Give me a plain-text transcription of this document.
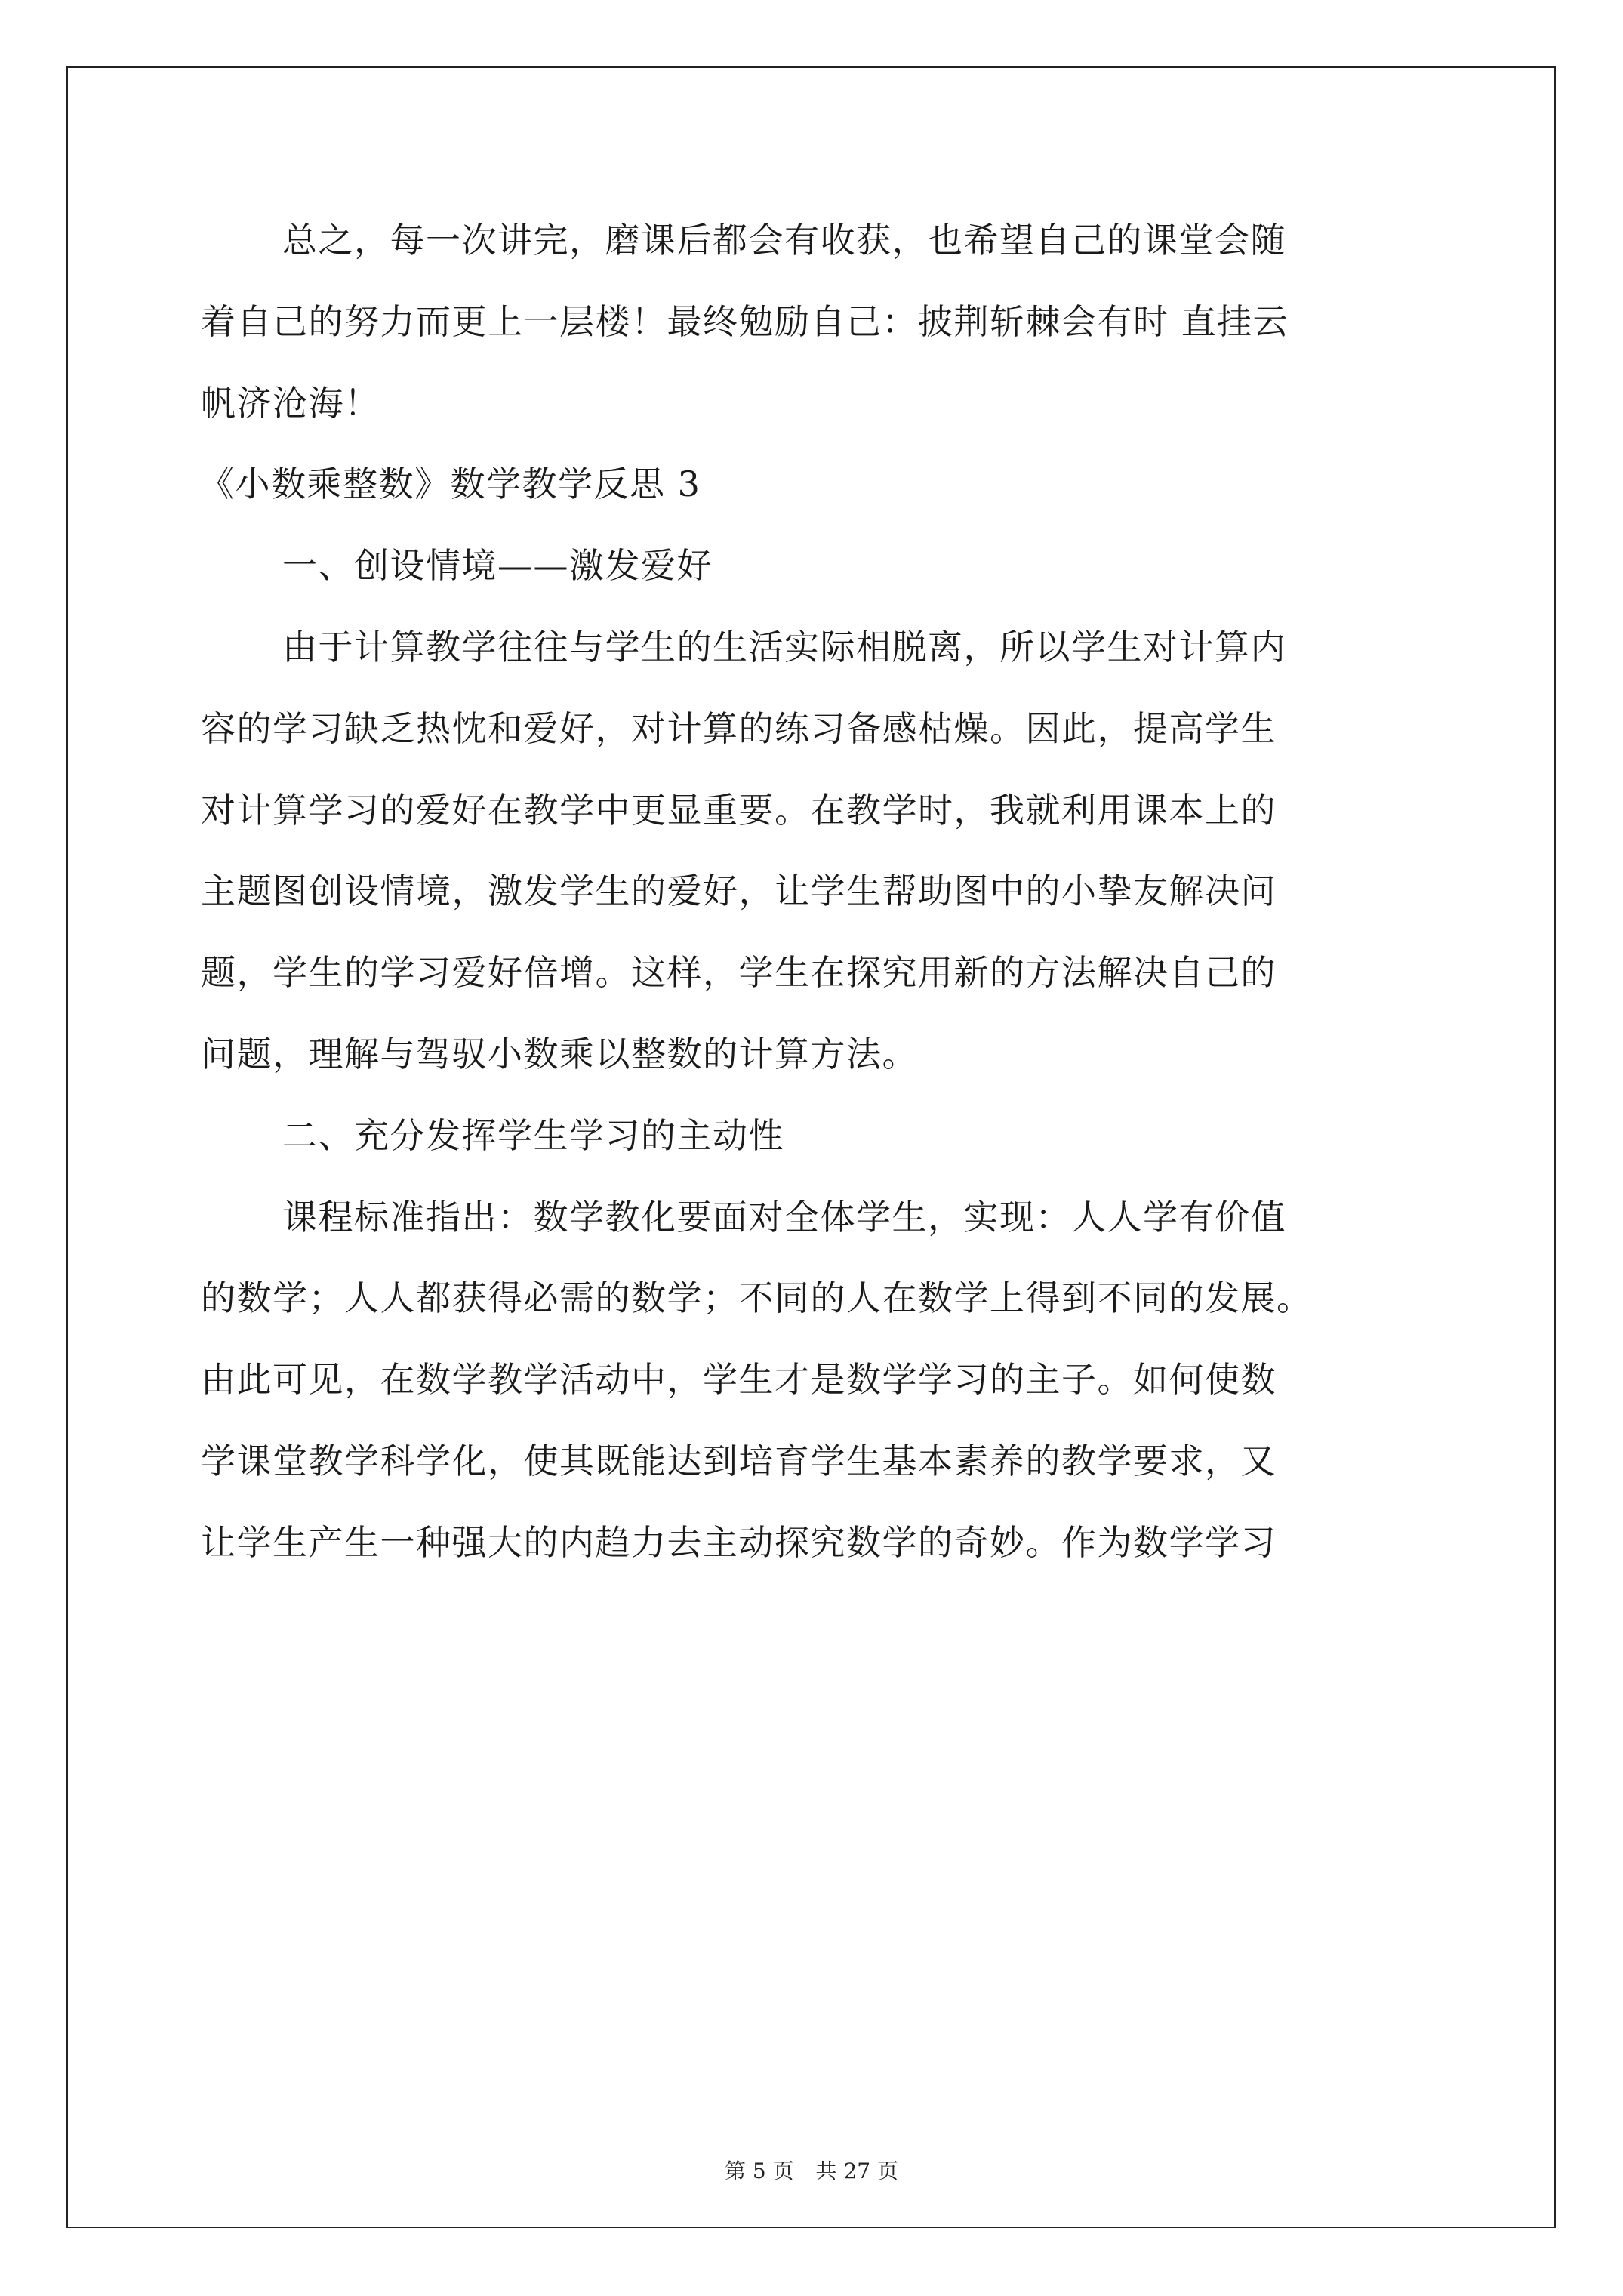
总之，每一次讲完，磨课后都会有收获，也希望自己的课堂会随
着自己的努力而更上一层楼！最终勉励自己：披荆斩棘会有时 直挂云
帆济沧海！
《小数乘整数》数学教学反思 3
一、创设情境——激发爱好
由于计算教学往往与学生的生活实际相脱离，所以学生对计算内
容的学习缺乏热忱和爱好，对计算的练习备感枯燥。因此，提高学生
对计算学习的爱好在教学中更显重要。在教学时，我就利用课本上的
主题图创设情境，激发学生的爱好，让学生帮助图中的小挚友解决问
题，学生的学习爱好倍增。这样，学生在探究用新的方法解决自己的
问题，理解与驾驭小数乘以整数的计算方法。
二、充分发挥学生学习的主动性
课程标准指出：数学教化要面对全体学生，实现：人人学有价值
的数学；人人都获得必需的数学；不同的人在数学上得到不同的发展。
由此可见，在数学教学活动中，学生才是数学学习的主子。如何使数
学课堂教学科学化，使其既能达到培育学生基本素养的教学要求，又
让学生产生一种强大的内趋力去主动探究数学的奇妙。作为数学学习
第 5 页 共 27 页
